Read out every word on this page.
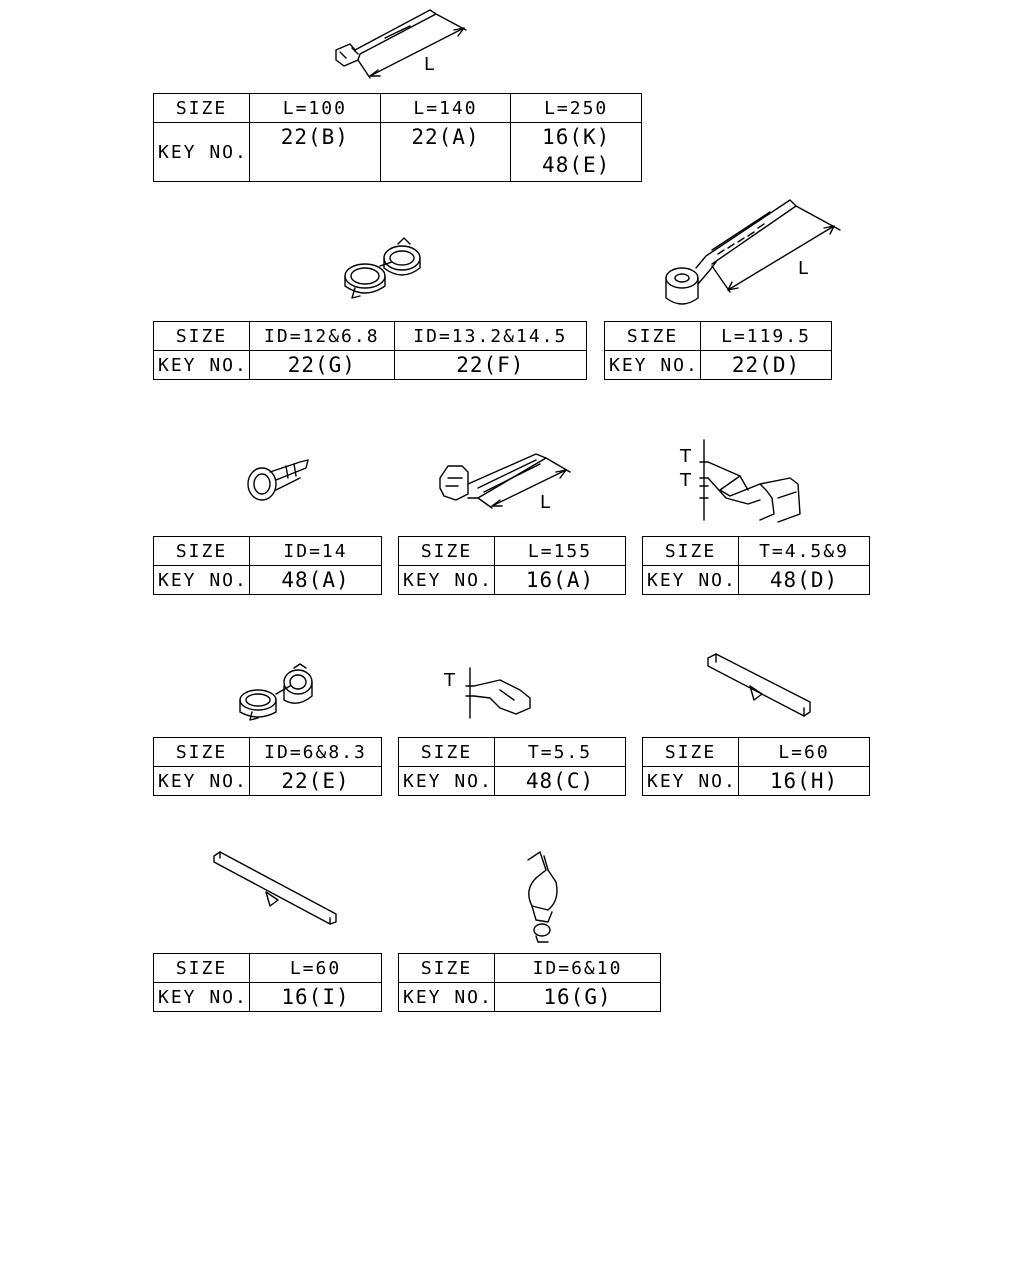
L
L
L
T
T
T
SIZE	L=100	L=140	L=250
KEY NO.	22(B)	22(A)	16(K)
48(E)
SIZE	ID=12&6.8	ID=13.2&14.5
KEY NO.	22(G)	22(F)
SIZE	L=119.5
KEY NO.	22(D)
SIZE	ID=14
KEY NO.	48(A)
SIZE	L=155
KEY NO.	16(A)
SIZE	T=4.5&9
KEY NO.	48(D)
SIZE	ID=6&8.3
KEY NO.	22(E)
SIZE	T=5.5
KEY NO.	48(C)
SIZE	L=60
KEY NO.	16(H)
SIZE	L=60
KEY NO.	16(I)
SIZE	ID=6&10
KEY NO.	16(G)
